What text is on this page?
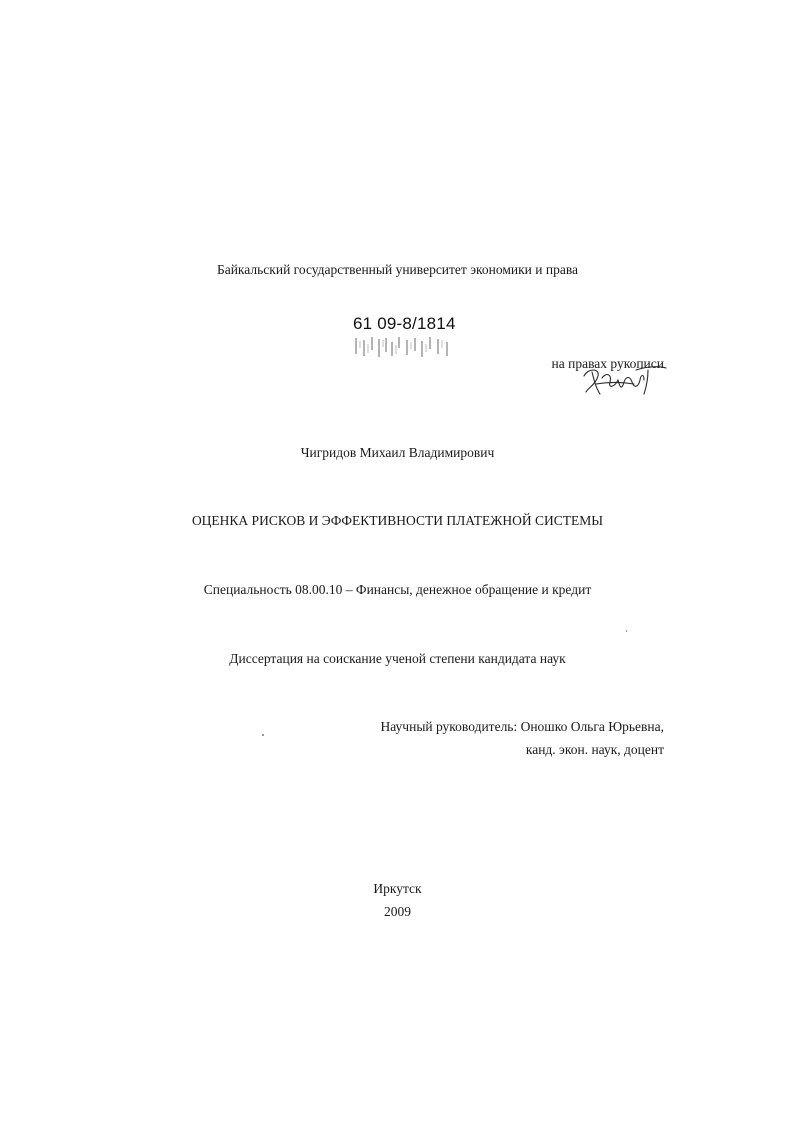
Байкальский государственный университет экономики и права
61 09-8/1814
на правах рукописи
Чигридов Михаил Владимирович
ОЦЕНКА РИСКОВ И ЭФФЕКТИВНОСТИ ПЛАТЕЖНОЙ СИСТЕМЫ
Специальность 08.00.10 – Финансы, денежное обращение и кредит
Диссертация на соискание ученой степени кандидата наук
Научный руководитель: Оношко Ольга Юрьевна,
канд. экон. наук, доцент
Иркутск
2009
